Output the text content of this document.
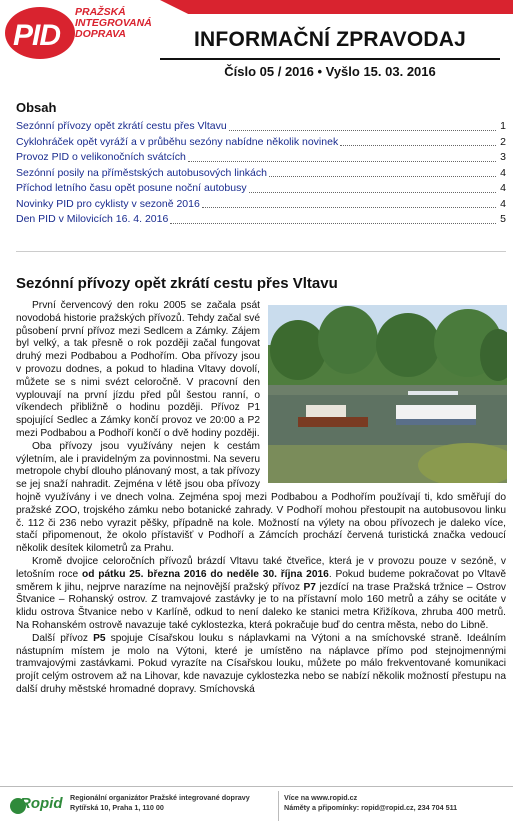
PID
PRAŽSKÁ
INTEGROVANÁ
DOPRAVA	INFORMAČNÍ ZPRAVODAJ
Číslo 05 / 2016 • Vyšlo 15. 03. 2016
Obsah
Sezónní přívozy opět zkrátí cestu přes Vltavu	1
Cyklohráček opět vyráží a v průběhu sezóny nabídne několik novinek	2
Provoz PID o velikonočních svátcích	3
Sezónní posily na příměstských autobusových linkách	4
Příchod letního času opět posune noční autobusy	4
Novinky PID pro cyklisty v sezoně 2016	4
Den PID v Milovicích 16. 4. 2016	5
Sezónní přívozy opět zkrátí cestu přes Vltavu

První červencový den roku 2005 se začala psát novodobá historie pražských přívozů. Tehdy začal své působení první přívoz mezi Sedlcem a Zámky. Zájem byl velký, a tak přesně o rok později začal fungovat druhý mezi Podbabou a Podhořím. Oba přívozy jsou v provozu dodnes, a pokud to hladina Vltavy dovolí, můžete se s nimi svézt celoročně. V pracovní den vyplouvají na první jízdu před půl šestou ranní, o víkendech přibližně o hodinu později. Přívoz P1 spojující Sedlec a Zámky končí provoz ve 20:00 a P2 mezi Podbabou a Podhoří končí o dvě hodiny později.

Oba přívozy jsou využívány nejen k cestám výletním, ale i pravidelným za povinnostmi. Na severu metropole chybí dlouho plánovaný most, a tak přívozy se jej snaží nahradit. Zejména v létě jsou oba přívozy hojně využívány i ve dnech volna. Zejména spoj mezi Podbabou a Podhořím používají ti, kdo směřují do pražské ZOO, trojského zámku nebo botanické zahrady. V Podhoří mohou přestoupit na autobusovou linku č. 112 či 236 nebo vyrazit pěšky, případně na kole. Možností na výlety na obou přívozech je daleko více, stačí připomenout, že okolo přístavišť v Podhoří a Zámcích prochází červená turistická značka vedoucí několik desítek kilometrů za Prahu.

Kromě dvojice celoročních přívozů brázdí Vltavu také čtveřice, která je v provozu pouze v sezóně, v letošním roce od pátku 25. března 2016 do neděle 30. října 2016. Pokud budeme pokračovat po Vltavě směrem k jihu, nejprve narazíme na nejnovější pražský přívoz P7 jezdící na trase Pražská tržnice – Ostrov Štvanice – Rohanský ostrov. Z tramvajové zastávky je to na přístavní molo 160 metrů a záhy se ocitáte v klidu ostrova Štvanice nebo v Karlíně, odkud to není daleko ke stanici metra Křižíkova, zhruba 400 metrů. Na Rohanském ostrově navazuje také cyklostezka, která pokračuje buď do centra města, nebo do Libně.

Další přívoz P5 spojuje Císařskou louku s náplavkami na Výtoni a na smíchovské straně. Ideálním nástupním místem je molo na Výtoni, které je umístěno na náplavce přímo pod stejnojmennými tramvajovými zastávkami. Pokud vyrazíte na Císařskou louku, můžete po málo frekventované komunikaci projít celým ostrovem až na Lihovar, kde navazuje cyklostezka nebo se nabízí několik možností přestupu na další druhy městské hromadné dopravy. Smíchovská

Ropid Regionální organizátor Pražské integrované dopravy
Rytířská 10, Praha 1, 110 00
Více na www.ropid.cz
Náměty a připomínky: ropid@ropid.cz, 234 704 511
